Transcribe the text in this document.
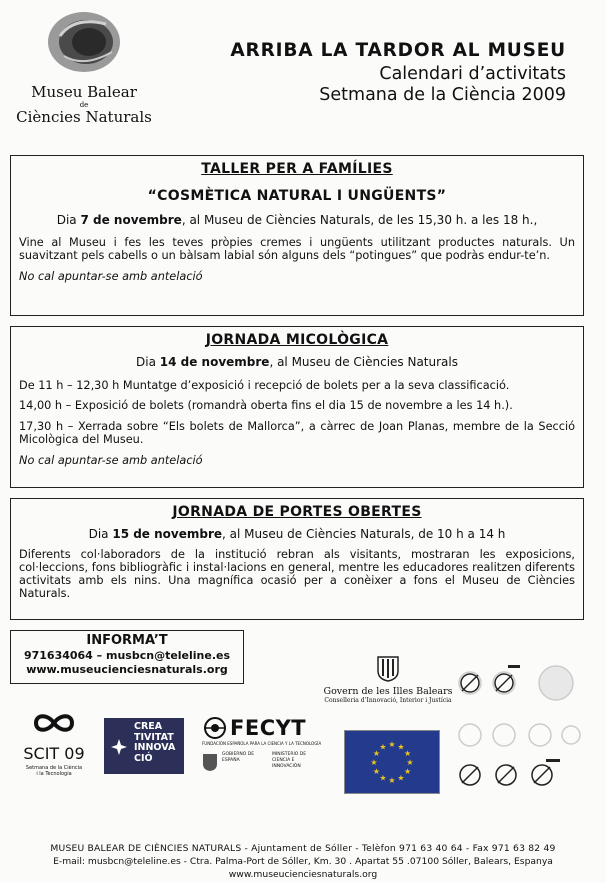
Museu Balear
de
Ciències Naturals
ARRIBA LA TARDOR AL MUSEU
Calendari d’activitats
Setmana de la Ciència 2009
TALLER PER A FAMÍLIES
“COSMÈTICA NATURAL I UNGÜENTS”

Dia 7 de novembre, al Museu de Ciències Naturals, de les 15,30 h. a les 18 h.,

Vine al Museu i fes les teves pròpies cremes i ungüents utilitzant productes naturals. Un suavitzant pels cabells o un bàlsam labial són alguns dels “potingues” que podràs endur-te’n.

No cal apuntar-se amb antelació

JORNADA MICOLÒGICA

Dia 14 de novembre, al Museu de Ciències Naturals

De 11 h – 12,30 h Muntatge d’exposició i recepció de bolets per a la seva classificació.

14,00 h – Exposició de bolets (romandrà oberta fins el dia 15 de novembre a les 14 h.).

17,30 h – Xerrada sobre “Els bolets de Mallorca”, a càrrec de Joan Planas, membre de la Secció Micològica del Museu.

No cal apuntar-se amb antelació

JORNADA DE PORTES OBERTES

Dia 15 de novembre, al Museu de Ciències Naturals, de 10 h a 14 h

Diferents col·laboradors de la institució rebran als visitants, mostraran les exposicions, col·leccions, fons bibliogràfic i instal·lacions en general, mentre les educadores realitzen diferents activitats amb els nins. Una magnífica ocasió per a conèixer a fons el Museu de Ciències Naturals.

INFORMA’T
971634064 – musbcn@teleline.es
www.museucienciesnaturals.org
Govern de les Illes Balears
Conselleria d’Innovació, Interior i Justícia
SCIT 09
Setmana de la Ciència
i la Tecnologia
CREA
TIVITAT
INNOVA
CIÓ
FECYT
FUNDACIÓN ESPAÑOLA PARA LA CIENCIA Y LA TECNOLOGÍA
GOBIERNO DE ESPAÑA
MINISTERIO DE CIENCIA E INNOVACIÓN
★ ★
★
★
★
★
★
★
★
★
★
★
MUSEU BALEAR DE CIÈNCIES NATURALS - Ajuntament de Sóller - Telèfon 971 63 40 64 - Fax 971 63 82 49
E-mail: musbcn@teleline.es - Ctra. Palma-Port de Sóller, Km. 30 . Apartat 55 .07100 Sóller, Balears, Espanya
www.museucienciesnaturals.org
